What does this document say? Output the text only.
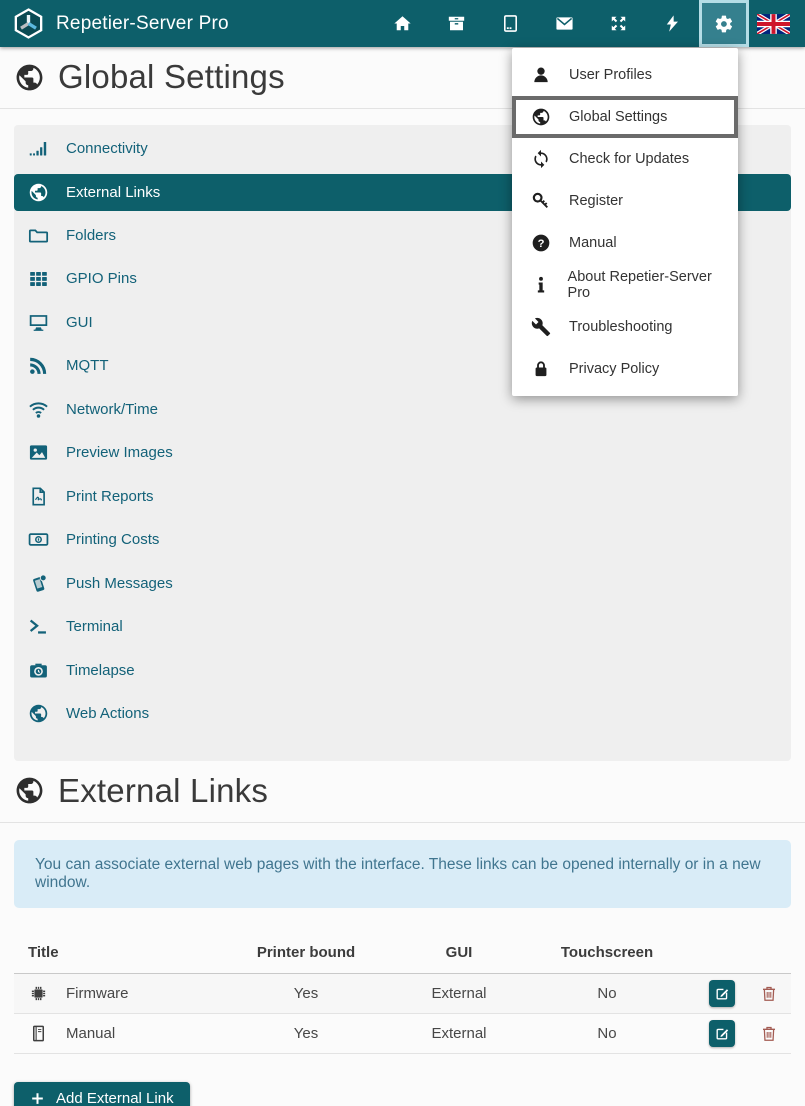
Repetier-Server Pro
User Profiles
Global Settings
Check for Updates
Register
Manual
About Repetier-Server Pro
Troubleshooting
Privacy Policy
Global Settings
Connectivity
External Links
Folders
GPIO Pins
GUI
MQTT
Network/Time
Preview Images
Print Reports
Printing Costs
Push Messages
Terminal
Timelapse
Web Actions
External Links
You can associate external web pages with the interface. These links can be opened internally or in a new window.
Title	Printer bound	GUI	Touchscreen	

Firmware	Yes	External	No	

Manual	Yes	External	No	
Add External Link
